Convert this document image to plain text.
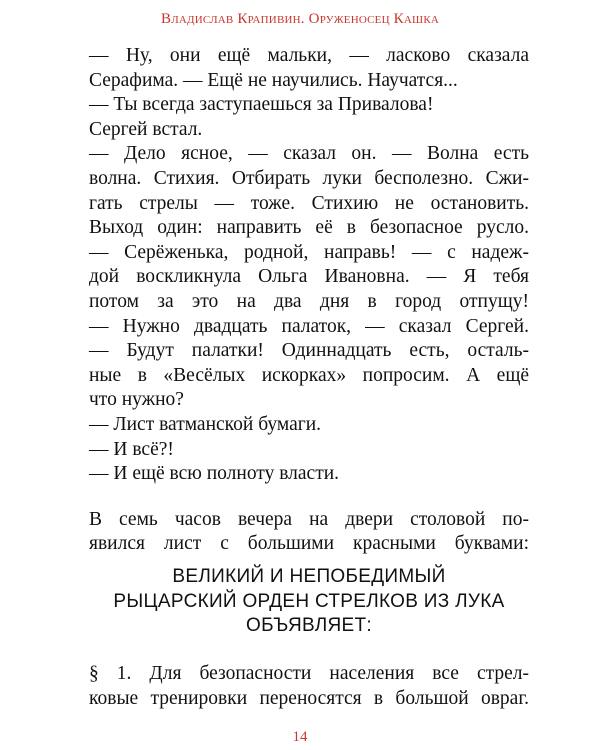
Владислав Крапивин. Оруженосец Кашка
— Ну, они ещё мальки, — ласково сказала
Серафима. — Ещё не научились. Научатся...
— Ты всегда заступаешься за Привалова!
Сергей встал.
— Дело ясное, — сказал он. — Волна есть
волна. Стихия. Отбирать луки бесполезно. Сжи-
гать стрелы — тоже. Стихию не остановить.
Выход один: направить её в безопасное русло.
— Серёженька, родной, направь! — с надеж-
дой воскликнула Ольга Ивановна. — Я тебя
потом за это на два дня в город отпущу!
— Нужно двадцать палаток, — сказал Сергей.
— Будут палатки! Одиннадцать есть, осталь-
ные в «Весёлых искорках» попросим. А ещё
что нужно?
— Лист ватманской бумаги.
— И всё?!
— И ещё всю полноту власти.
В семь часов вечера на двери столовой по-
явился лист с большими красными буквами:
ВЕЛИКИЙ И НЕПОБЕДИМЫЙ
РЫЦАРСКИЙ ОРДЕН СТРЕЛКОВ ИЗ ЛУКА
ОБЪЯВЛЯЕТ:
§ 1. Для безопасности населения все стрел-
ковые тренировки переносятся в большой овраг.
14
